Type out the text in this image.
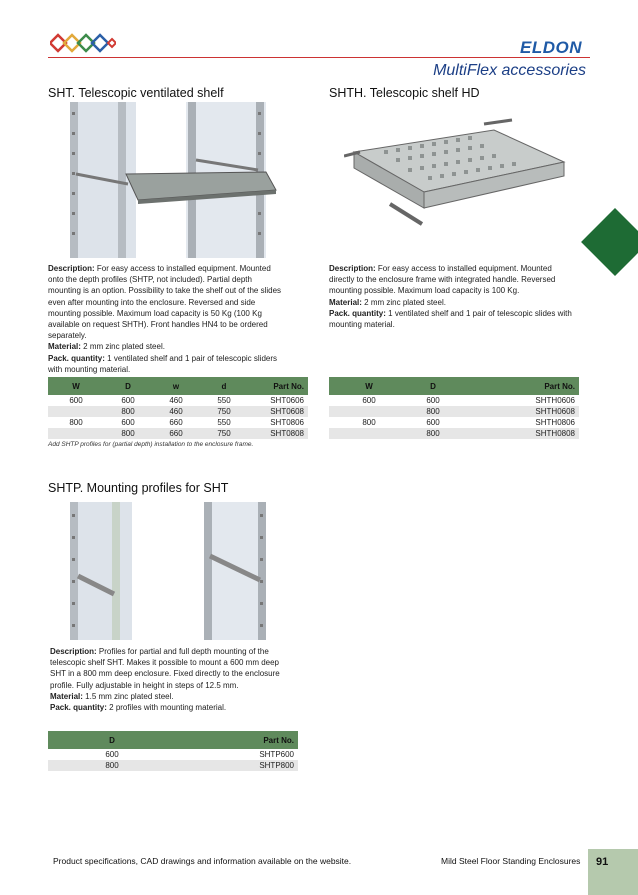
ELDON
MultiFlex accessories
SHT. Telescopic ventilated shelf
Description: For easy access to installed equipment. Mounted onto the depth profiles (SHTP, not included). Partial depth mounting is an option. Possibility to take the shelf out of the slides even after mounting into the enclosure. Reversed and side mounting possible. Maximum load capacity is 50 Kg (100 Kg available on request SHTH). Front handles HN4 to be ordered separately.
Material: 2 mm zinc plated steel.
Pack. quantity: 1 ventilated shelf and 1 pair of telescopic sliders with mounting material.
W	D	w	d	Part No.
600	600	460	550	SHT0606
	800	460	750	SHT0608
800	600	660	550	SHT0806
	800	660	750	SHT0808
Add SHTP profiles for (partial depth) installation to the enclosure frame.
SHTH. Telescopic shelf HD
Description: For easy access to installed equipment. Mounted directly to the enclosure frame with integrated handle. Reversed mounting possible. Maximum load capacity is 100 Kg.
Material: 2 mm zinc plated steel.
Pack. quantity: 1 ventilated shelf and 1 pair of telescopic slides with mounting material.
W	D	Part No.
600	600	SHTH0606
	800	SHTH0608
800	600	SHTH0806
	800	SHTH0808
SHTP. Mounting profiles for SHT
Description: Profiles for partial and full depth mounting of the telescopic shelf SHT. Makes it possible to mount a 600 mm deep SHT in a 800 mm deep enclosure. Fixed directly to the enclosure profile. Fully adjustable in height in steps of 12.5 mm.
Material: 1.5 mm zinc plated steel.
Pack. quantity: 2 profiles with mounting material.
D	Part No.
600	SHTP600
800	SHTP800
Product specifications, CAD drawings and information available on the website.	Mild Steel Floor Standing Enclosures 91
